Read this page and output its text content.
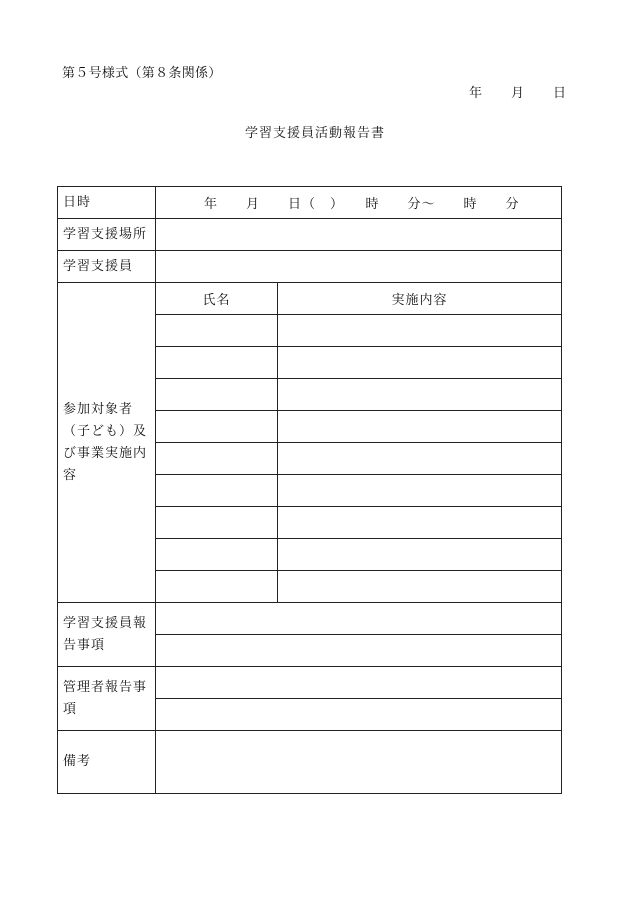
第５号様式（第８条関係）
年　　月　　日
学習支援員活動報告書
日時	年　　月　　日（　）　　時　　分～　　時　　分
学習支援場所
学習支援員
参加対象者
（子ども）及
び事業実施内
容
氏名	実施内容
学習支援員報
告事項
管理者報告事
項
備考
